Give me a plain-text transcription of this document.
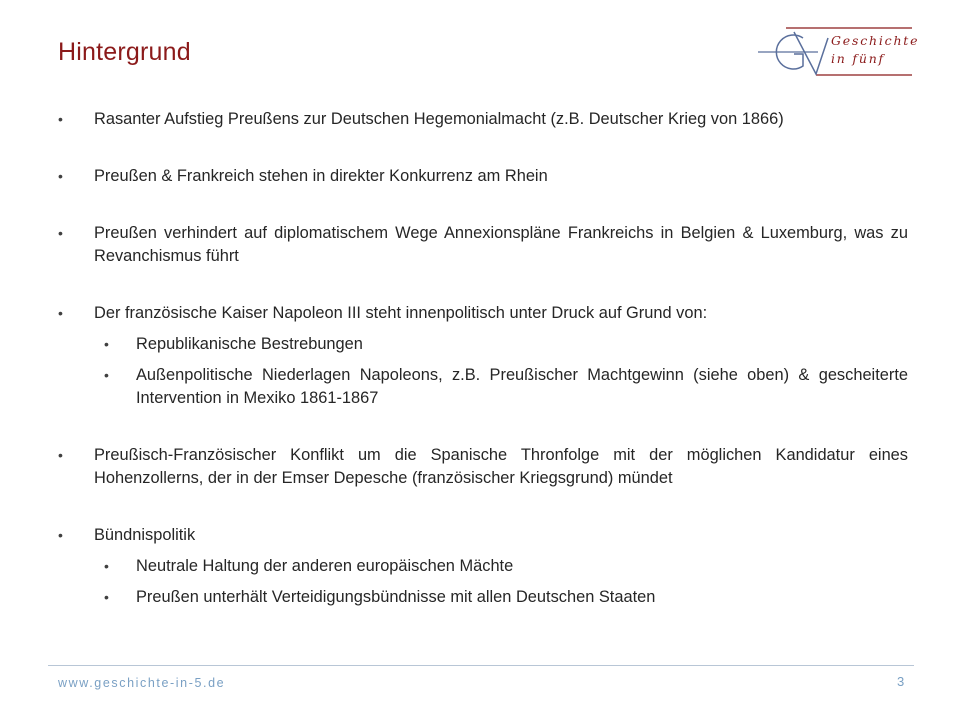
Hintergrund	Geschichte
in fünf
• Rasanter Aufstieg Preußens zur Deutschen Hegemonialmacht (z.B. Deutscher Krieg von 1866)
• Preußen & Frankreich stehen in direkter Konkurrenz am Rhein
• Preußen verhindert auf diplomatischem Wege Annexionspläne Frankreichs in Belgien & Luxemburg, was zu Revanchismus führt
• Der französische Kaiser Napoleon III steht innenpolitisch unter Druck auf Grund von:
• Republikanische Bestrebungen
• Außenpolitische Niederlagen Napoleons, z.B. Preußischer Machtgewinn (siehe oben) & gescheiterte Intervention in Mexiko 1861-1867
• Preußisch-Französischer Konflikt um die Spanische Thronfolge mit der möglichen Kandidatur eines Hohenzollerns, der in der Emser Depesche (französischer Kriegsgrund) mündet
• Bündnispolitik
• Neutrale Haltung der anderen europäischen Mächte
• Preußen unterhält Verteidigungsbündnisse mit allen Deutschen Staaten
www.geschichte-in-5.de	3
